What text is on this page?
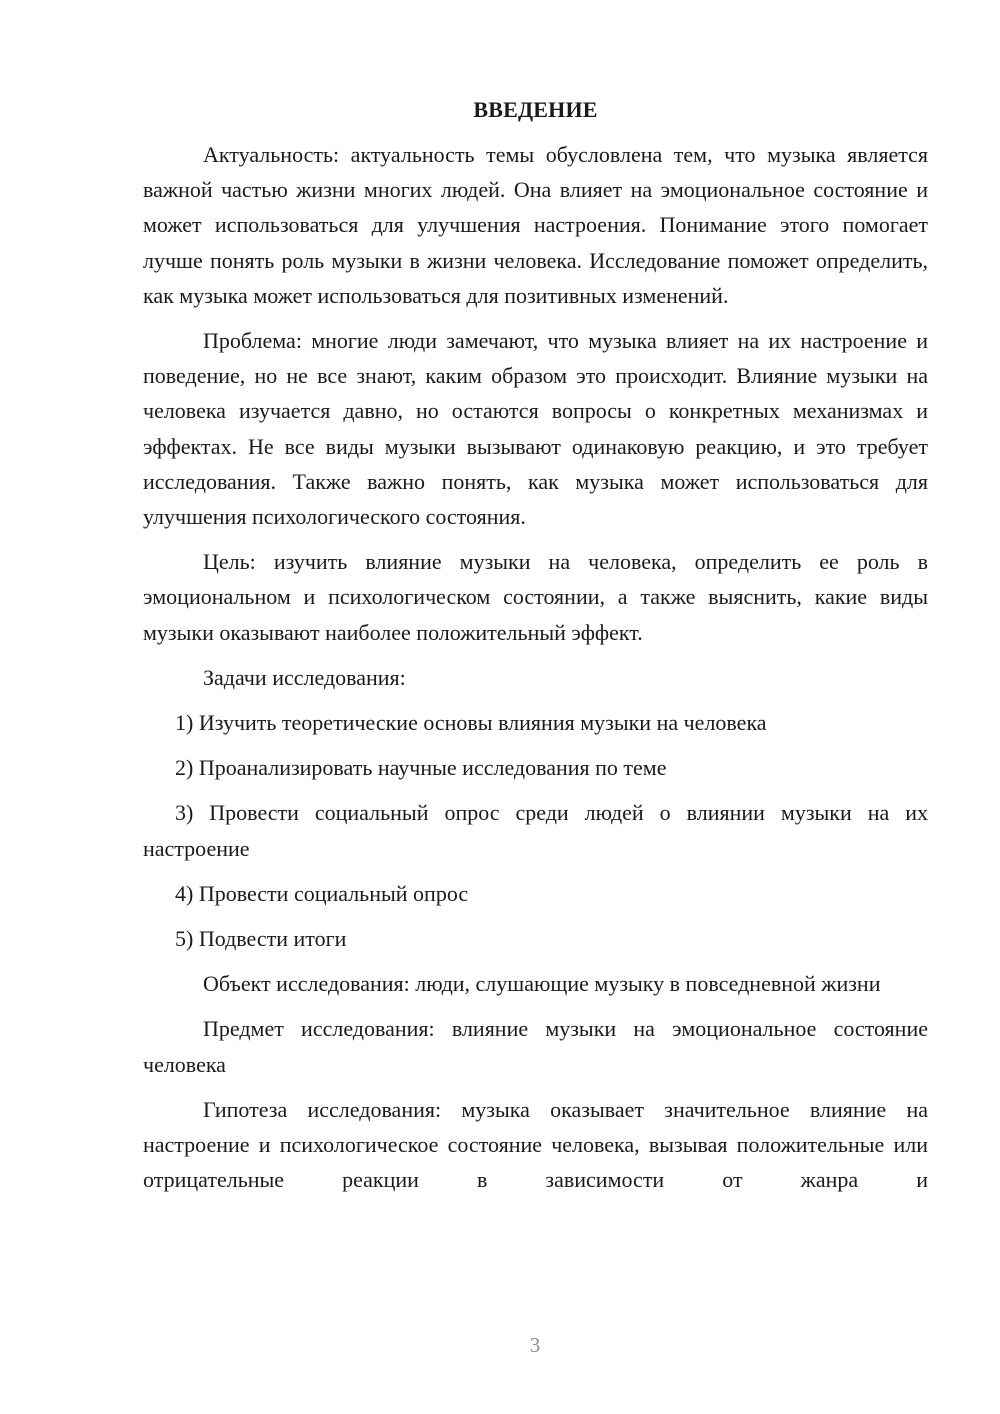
ВВЕДЕНИЕ

Актуальность: актуальность темы обусловлена тем, что музыка является важной частью жизни многих людей. Она влияет на эмоциональное состояние и может использоваться для улучшения настроения. Понимание этого помогает лучше понять роль музыки в жизни человека. Исследование поможет определить, как музыка может использоваться для позитивных изменений.

Проблема: многие люди замечают, что музыка влияет на их настроение и поведение, но не все знают, каким образом это происходит. Влияние музыки на человека изучается давно, но остаются вопросы о конкретных механизмах и эффектах. Не все виды музыки вызывают одинаковую реакцию, и это требует исследования. Также важно понять, как музыка может использоваться для улучшения психологического состояния.

Цель: изучить влияние музыки на человека, определить ее роль в эмоциональном и психологическом состоянии, а также выяснить, какие виды музыки оказывают наиболее положительный эффект.

Задачи исследования:

1) Изучить теоретические основы влияния музыки на человека

2) Проанализировать научные исследования по теме

3) Провести социальный опрос среди людей о влиянии музыки на их настроение

4) Провести социальный опрос

5) Подвести итоги

Объект исследования: люди, слушающие музыку в повседневной жизни

Предмет исследования: влияние музыки на эмоциональное состояние человека

Гипотеза исследования: музыка оказывает значительное влияние на настроение и психологическое состояние человека, вызывая положительные или отрицательные реакции в зависимости от жанра и

3
